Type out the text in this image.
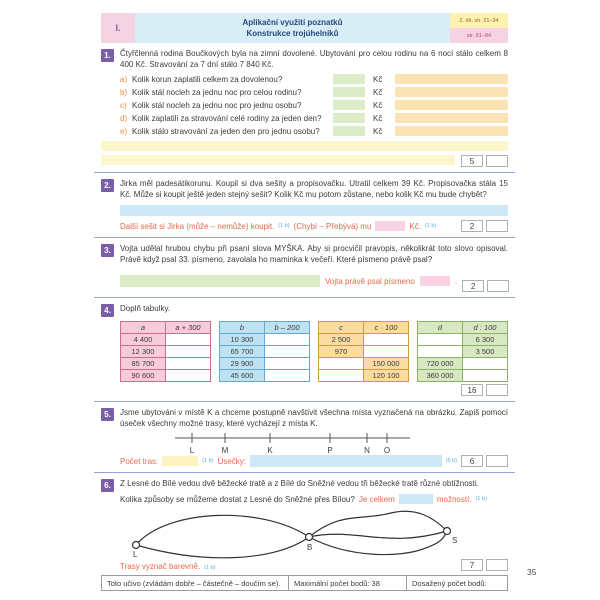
I.
Aplikační využití poznatků
Konstrukce trojúhelníků
2. díl, str. 21–34
str. 81–84
1.	Čtyřčlenná rodina Boučkových byla na zimní dovolené. Ubytování pro celou rodinu na 6 nocí stálo celkem 8 400 Kč. Stravování za 7 dní stálo 7 840 Kč.
a) Kolik korun zaplatili celkem za dovolenou?	Kč
b) Kolik stál nocleh za jednu noc pro celou rodinu?	Kč
c) Kolik stál nocleh za jednu noc pro jednu osobu?	Kč
d) Kolik zaplatili za stravování celé rodiny za jeden den?	Kč
e) Kolik stálo stravování za jeden den pro jednu osobu?	Kč
5
2.	Jirka měl padesátikorunu. Koupil si dva sešity a propisovačku. Utratil celkem 39 Kč. Propisovačka stála 15 Kč. Může si koupit ještě jeden stejný sešit? Kolik Kč mu potom zůstane, nebo kolik Kč mu bude chybět?
Další sešit si Jirka (může – nemůže) koupit. (1 b) (Chybí – Přebývá) mu	Kč. (1 b)	2
3.	Vojta udělal hrubou chybu při psaní slova MYŠKA. Aby si procvičil pravopis, několikrát toto slovo opisoval. Právě když psal 33. písmeno, zavolala ho maminka k večeři. Které písmeno právě psal?
Vojta právě psal písmeno	.
2
4.	Doplň tabulky.
a	a + 300
4 400	
12 300	
85 700	
90 600	
b	b – 200
10 300	
65 700	
29 900	
45 600	
c	c · 100
2 500	
970	
	150 000
	120 100
d	d : 100
	6 300
	3 500
720 000	
360 000	
16
5.	Jsme ubytováni v místě K a chceme postupně navštívit všechna místa vyznačená na obrázku. Zapiš pomocí úseček všechny možné trasy, které vycházejí z místa K.
L	M	K	P	N O
Počet tras:	(1 b) Úsečky:	(5 b)	6
6.	Z Lesné do Bílé vedou dvě běžecké tratě a z Bílé do Sněžné vedou tři běžecké tratě různé obtížnosti.
Kolika způsoby se můžeme dostat z Lesné do Sněžné přes Bílou? Je celkem	možností. (1 b)
L
B
S
Trasy vyznač barevně. (1 b)	7
Toto učivo (zvládám dobře – částečně – doučím se).	Maximální počet bodů: 38	Dosažený počet bodů:
35
